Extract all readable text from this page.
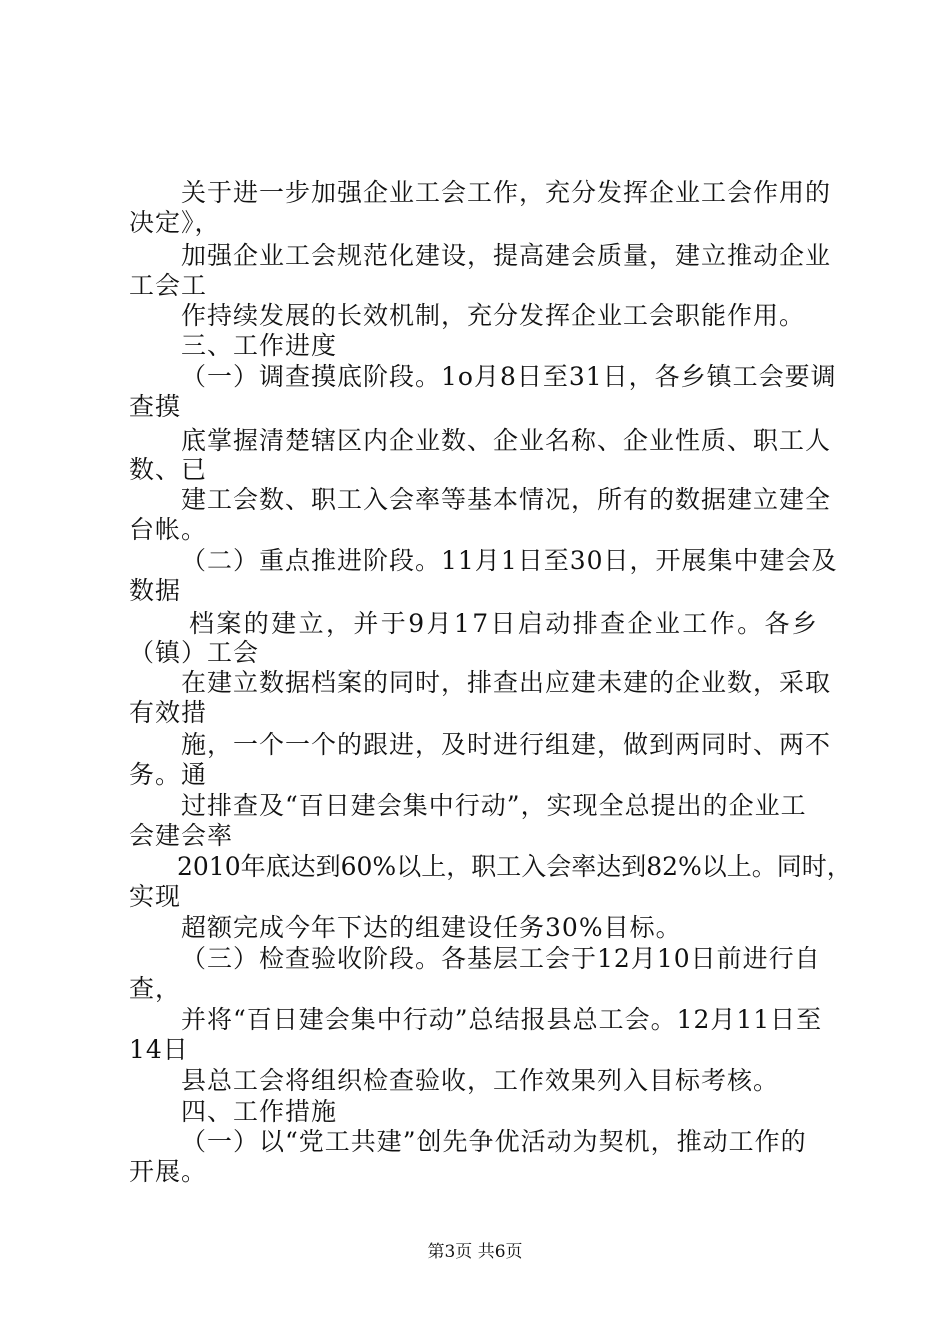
关于进一步加强企业工会工作，充分发挥企业工会作用的
决定》，
加强企业工会规范化建设，提高建会质量，建立推动企业
工会工
作持续发展的长效机制，充分发挥企业工会职能作用。
三、工作进度
（一）调查摸底阶段。1o月8日至31日，各乡镇工会要调
查摸
底掌握清楚辖区内企业数、企业名称、企业性质、职工人
数、已
建工会数、职工入会率等基本情况，所有的数据建立建全
台帐。
（二）重点推进阶段。11月1日至30日，开展集中建会及
数据
档案的建立，并于9月17日启动排查企业工作。各乡
（镇）工会
在建立数据档案的同时，排查出应建未建的企业数，采取
有效措
施，一个一个的跟进，及时进行组建，做到两同时、两不
务。通
过排查及“百日建会集中行动”，实现全总提出的企业工
会建会率
2010年底达到60%以上，职工入会率达到82%以上。同时，
实现
超额完成今年下达的组建设任务30%目标。
（三）检查验收阶段。各基层工会于12月10日前进行自
查，
并将“百日建会集中行动”总结报县总工会。12月11日至
14日
县总工会将组织检查验收，工作效果列入目标考核。
四、工作措施
（一）以“党工共建”创先争优活动为契机，推动工作的
开展。
第3页 共6页
